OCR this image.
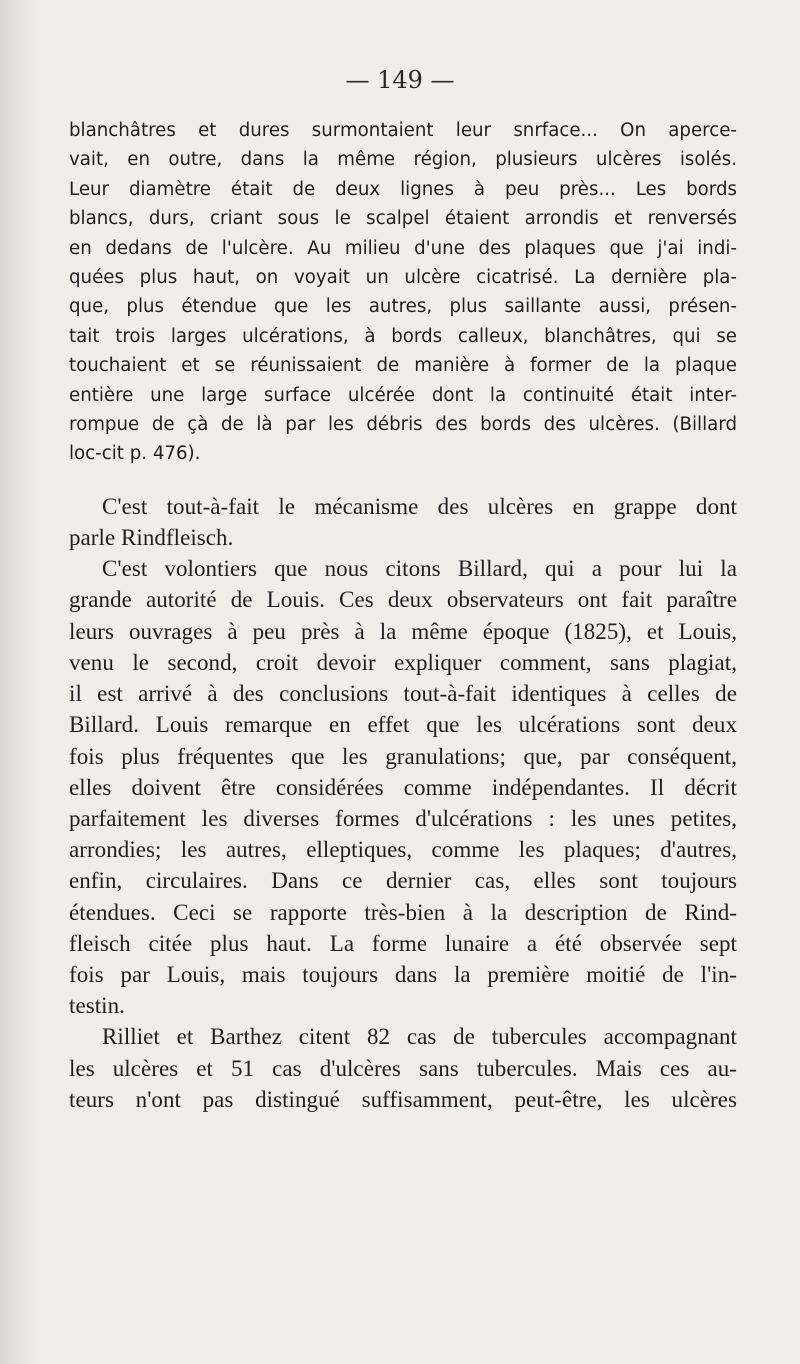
— 149 —

blanchâtres et dures surmontaient leur snrface... On aperce-

vait, en outre, dans la même région, plusieurs ulcères isolés.

Leur diamètre était de deux lignes à peu près... Les bords

blancs, durs, criant sous le scalpel étaient arrondis et renversés

en dedans de l'ulcère. Au milieu d'une des plaques que j'ai indi-

quées plus haut, on voyait un ulcère cicatrisé. La dernière pla-

que, plus étendue que les autres, plus saillante aussi, présen-

tait trois larges ulcérations, à bords calleux, blanchâtres, qui se

touchaient et se réunissaient de manière à former de la plaque

entière une large surface ulcérée dont la continuité était inter-

rompue de çà de là par les débris des bords des ulcères. (Billard

loc-cit p. 476).

C'est tout-à-fait le mécanisme des ulcères en grappe dont

parle Rindfleisch.

C'est volontiers que nous citons Billard, qui a pour lui la

grande autorité de Louis. Ces deux observateurs ont fait paraître

leurs ouvrages à peu près à la même époque (1825), et Louis,

venu le second, croit devoir expliquer comment, sans plagiat,

il est arrivé à des conclusions tout-à-fait identiques à celles de

Billard. Louis remarque en effet que les ulcérations sont deux

fois plus fréquentes que les granulations; que, par conséquent,

elles doivent être considérées comme indépendantes. Il décrit

parfaitement les diverses formes d'ulcérations : les unes petites,

arrondies; les autres, elleptiques, comme les plaques; d'autres,

enfin, circulaires. Dans ce dernier cas, elles sont toujours

étendues. Ceci se rapporte très-bien à la description de Rind-

fleisch citée plus haut. La forme lunaire a été observée sept

fois par Louis, mais toujours dans la première moitié de l'in-

testin.

Rilliet et Barthez citent 82 cas de tubercules accompagnant

les ulcères et 51 cas d'ulcères sans tubercules. Mais ces au-

teurs n'ont pas distingué suffisamment, peut-être, les ulcères
